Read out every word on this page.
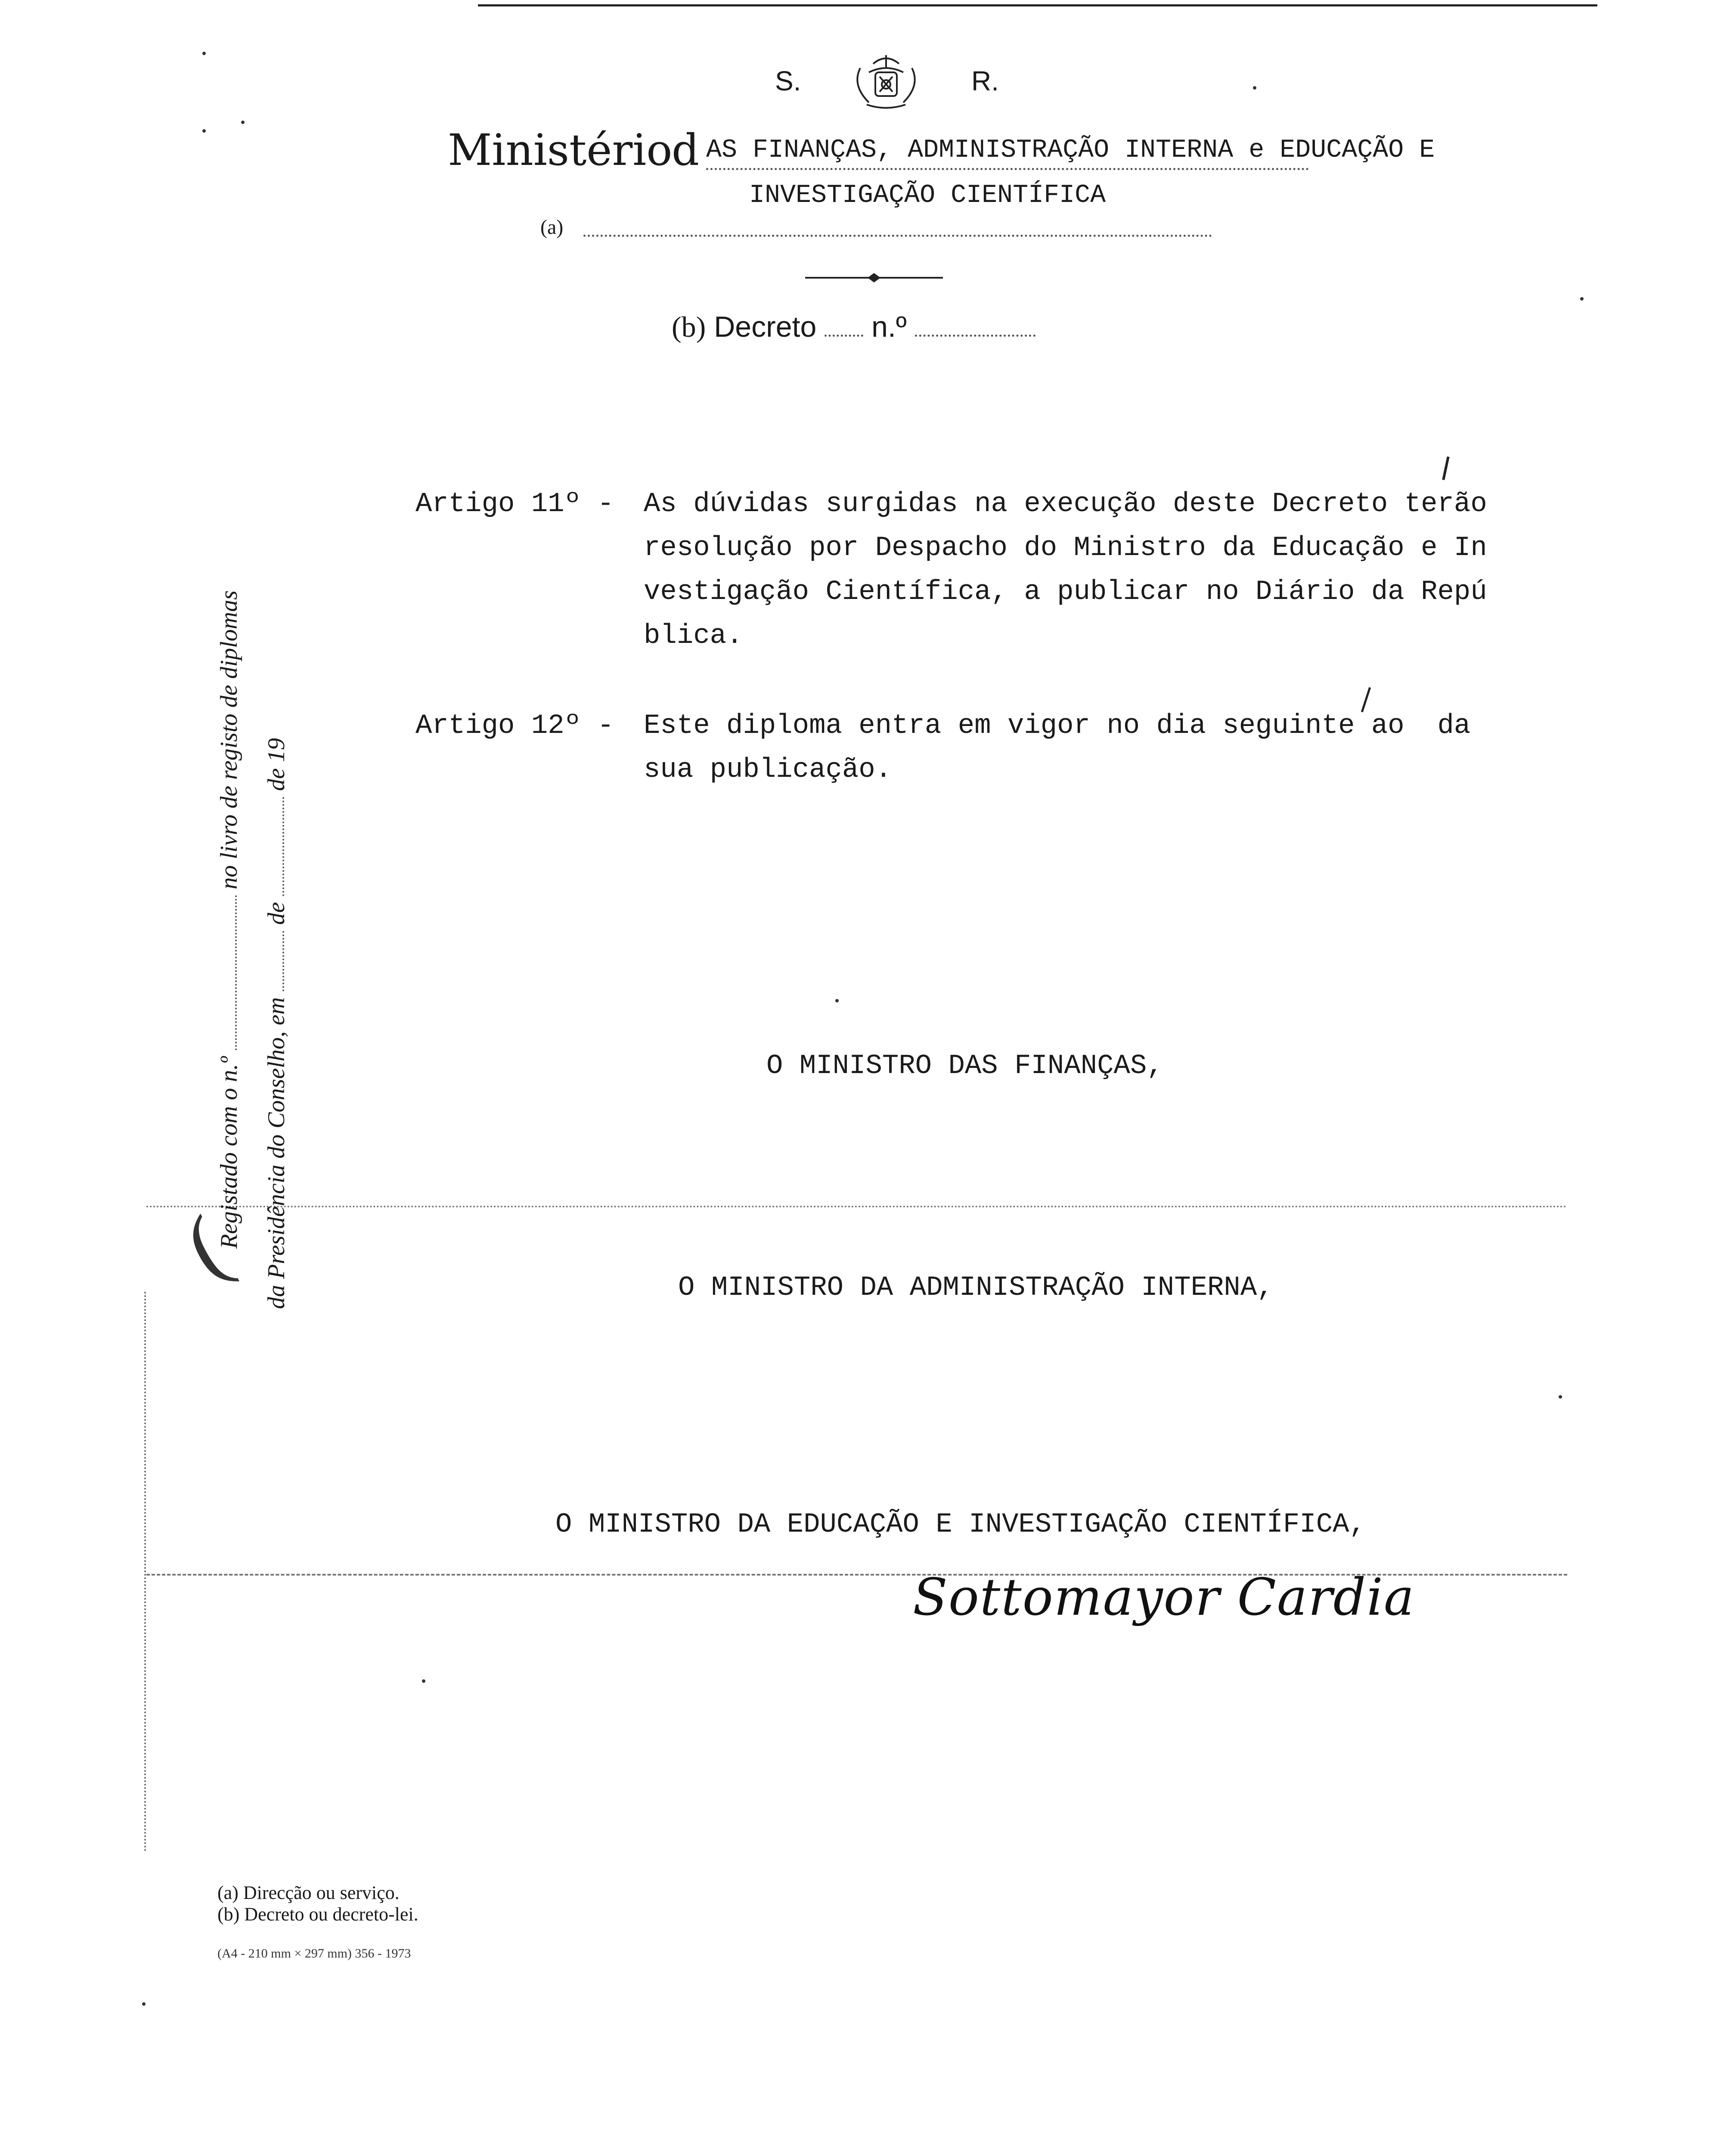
S.	R.
Ministério
d AS FINANÇAS, ADMINISTRAÇÃO INTERNA e EDUCAÇÃO E
INVESTIGAÇÃO CIENTÍFICA
(a)
(b) Decreto n.º
Artigo 11º - As dúvidas surgidas na execução deste Decreto terão
resolução por Despacho do Ministro da Educação e In
vestigação Científica, a publicar no Diário da Repú
blica.
Artigo 12º - Este diploma entra em vigor no dia seguinte ao  da
sua publicação.
O MINISTRO DAS FINANÇAS,
O MINISTRO DA ADMINISTRAÇÃO INTERNA,
O MINISTRO DA EDUCAÇÃO E INVESTIGAÇÃO CIENTÍFICA,
Sottomayor Cardia
Registado com o n.º  no livro de registo de diplomas
da Presidência do Conselho, em  de  de 19
(
(a) Direcção ou serviço.
(b) Decreto ou decreto-lei.
(A4 - 210 mm × 297 mm) 356 - 1973
